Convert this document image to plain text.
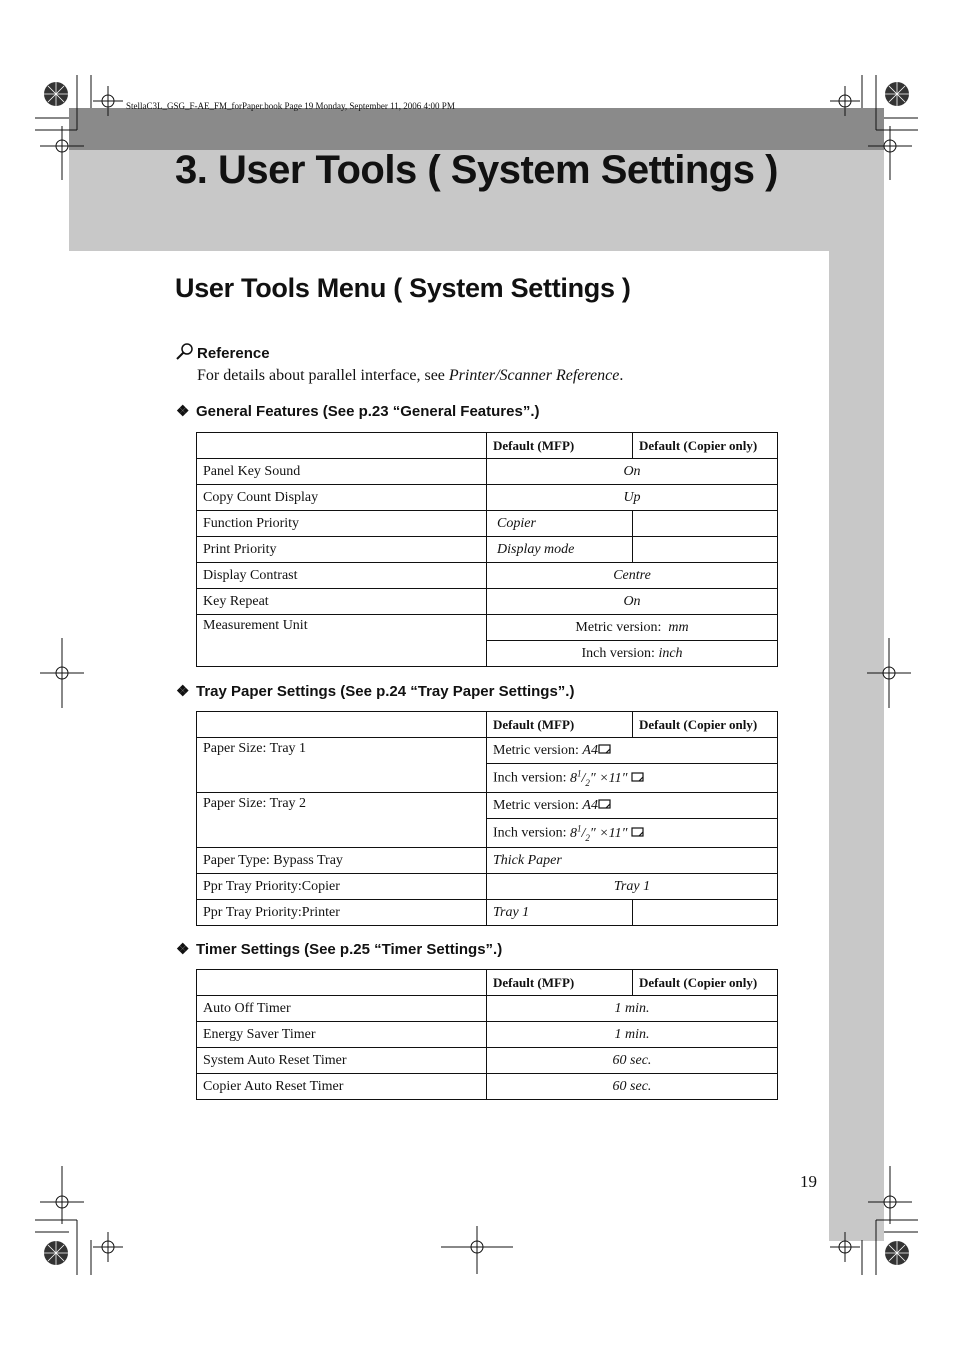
StellaC3L_GSG_F-AE_FM_forPaper.book Page 19 Monday, September 11, 2006 4:00 PM
3. User Tools ( System Settings )
User Tools Menu ( System Settings )
Reference
For details about parallel interface, see Printer/Scanner Reference.
❖ General Features (See p.23 “General Features”.)
	Default (MFP)	Default (Copier only)
Panel Key Sound	On	
Copy Count Display	Up	
Function Priority	Copier	
Print Priority	Display mode	
Display Contrast	Centre	
Key Repeat	On	
Measurement Unit	Metric version: mm	
	Inch version: inch	
❖ Tray Paper Settings (See p.24 “Tray Paper Settings”.)
	Default (MFP)	Default (Copier only)
Paper Size: Tray 1	Metric version: A4	
	Inch version: $8^1/_2'' \times 11''$	
Paper Size: Tray 2	Metric version: A4	
	Inch version: $8^1/_2'' \times 11''$	
Paper Type: Bypass Tray	Thick Paper	
Ppr Tray Priority:Copier	Tray 1	
Ppr Tray Priority:Printer	Tray 1	
❖ Timer Settings (See p.25 “Timer Settings”.)
	Default (MFP)	Default (Copier only)
Auto Off Timer	1 min.	
Energy Saver Timer	1 min.	
System Auto Reset Timer	60 sec.	
Copier Auto Reset Timer	60 sec.	
19
